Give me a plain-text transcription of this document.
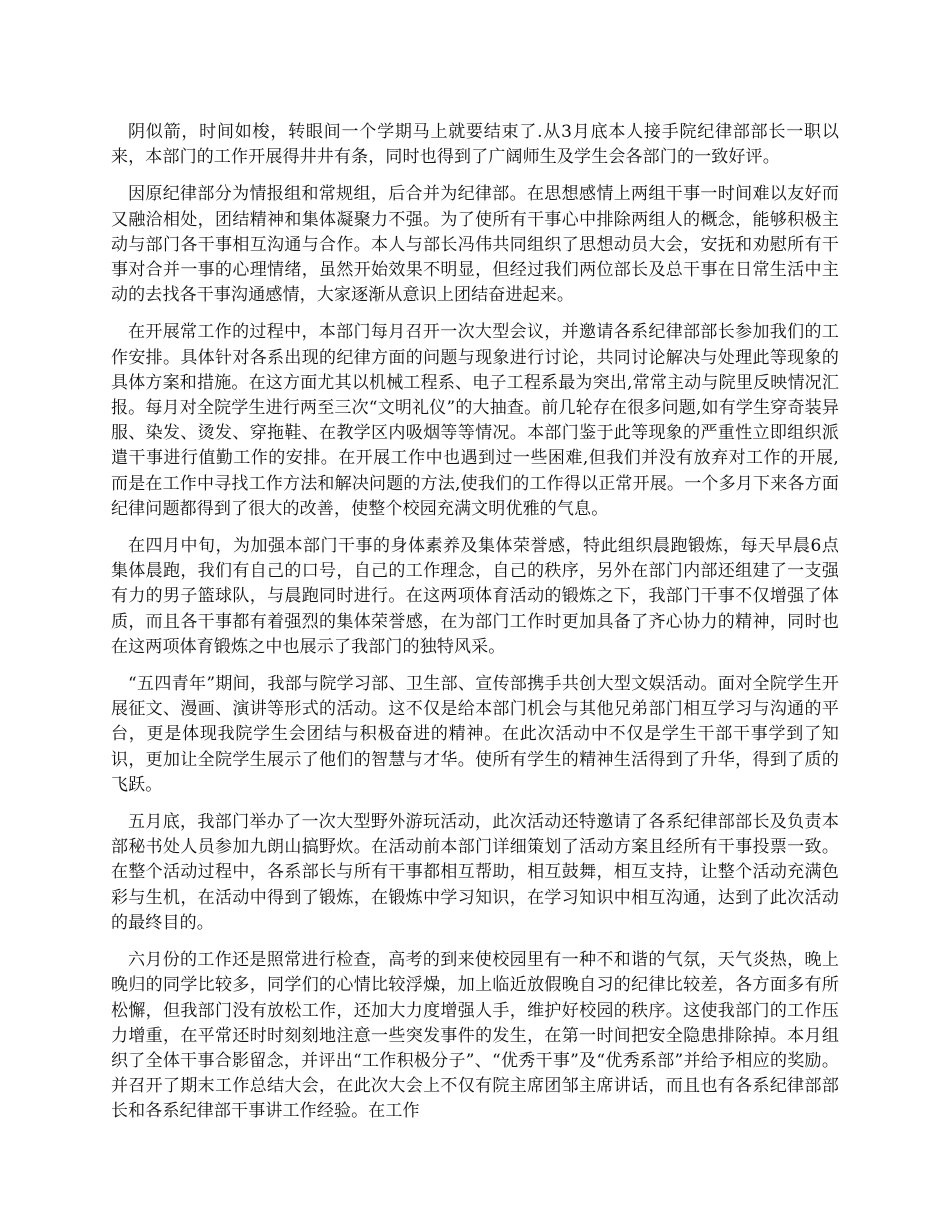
阴似箭，时间如梭，转眼间一个学期马上就要结束了.从3月底本人接手院纪律部部长一职以来，本部门的工作开展得井井有条，同时也得到了广阔师生及学生会各部门的一致好评。

因原纪律部分为情报组和常规组，后合并为纪律部。在思想感情上两组干事一时间难以友好而又融洽相处，团结精神和集体凝聚力不强。为了使所有干事心中排除两组人的概念，能够积极主动与部门各干事相互沟通与合作。本人与部长冯伟共同组织了思想动员大会，安抚和劝慰所有干事对合并一事的心理情绪，虽然开始效果不明显，但经过我们两位部长及总干事在日常生活中主动的去找各干事沟通感情，大家逐渐从意识上团结奋进起来。

在开展常工作的过程中，本部门每月召开一次大型会议，并邀请各系纪律部部长参加我们的工作安排。具体针对各系出现的纪律方面的问题与现象进行讨论，共同讨论解决与处理此等现象的具体方案和措施。在这方面尤其以机械工程系、电子工程系最为突出,常常主动与院里反映情况汇报。每月对全院学生进行两至三次“文明礼仪”的大抽查。前几轮存在很多问题,如有学生穿奇装异服、染发、烫发、穿拖鞋、在教学区内吸烟等等情况。本部门鉴于此等现象的严重性立即组织派遣干事进行值勤工作的安排。在开展工作中也遇到过一些困难,但我们并没有放弃对工作的开展,而是在工作中寻找工作方法和解决问题的方法,使我们的工作得以正常开展。一个多月下来各方面纪律问题都得到了很大的改善，使整个校园充满文明优雅的气息。

在四月中旬，为加强本部门干事的身体素养及集体荣誉感，特此组织晨跑锻炼，每天早晨6点集体晨跑，我们有自己的口号，自己的工作理念，自己的秩序，另外在部门内部还组建了一支强有力的男子篮球队，与晨跑同时进行。在这两项体育活动的锻炼之下，我部门干事不仅增强了体质，而且各干事都有着强烈的集体荣誉感，在为部门工作时更加具备了齐心协力的精神，同时也在这两项体育锻炼之中也展示了我部门的独特风采。

“五四青年”期间，我部与院学习部、卫生部、宣传部携手共创大型文娱活动。面对全院学生开展征文、漫画、演讲等形式的活动。这不仅是给本部门机会与其他兄弟部门相互学习与沟通的平台，更是体现我院学生会团结与积极奋进的精神。在此次活动中不仅是学生干部干事学到了知识，更加让全院学生展示了他们的智慧与才华。使所有学生的精神生活得到了升华，得到了质的飞跃。

五月底，我部门举办了一次大型野外游玩活动，此次活动还特邀请了各系纪律部部长及负责本部秘书处人员参加九朗山搞野炊。在活动前本部门详细策划了活动方案且经所有干事投票一致。在整个活动过程中，各系部长与所有干事都相互帮助，相互鼓舞，相互支持，让整个活动充满色彩与生机，在活动中得到了锻炼，在锻炼中学习知识，在学习知识中相互沟通，达到了此次活动的最终目的。

六月份的工作还是照常进行检查，高考的到来使校园里有一种不和谐的气氛，天气炎热，晚上晚归的同学比较多，同学们的心情比较浮燥，加上临近放假晚自习的纪律比较差，各方面多有所松懈，但我部门没有放松工作，还加大力度增强人手，维护好校园的秩序。这使我部门的工作压力增重，在平常还时时刻刻地注意一些突发事件的发生，在第一时间把安全隐患排除掉。本月组织了全体干事合影留念，并评出“工作积极分子”、“优秀干事”及“优秀系部”并给予相应的奖励。并召开了期末工作总结大会，在此次大会上不仅有院主席团邹主席讲话，而且也有各系纪律部部长和各系纪律部干事讲工作经验。在工作
